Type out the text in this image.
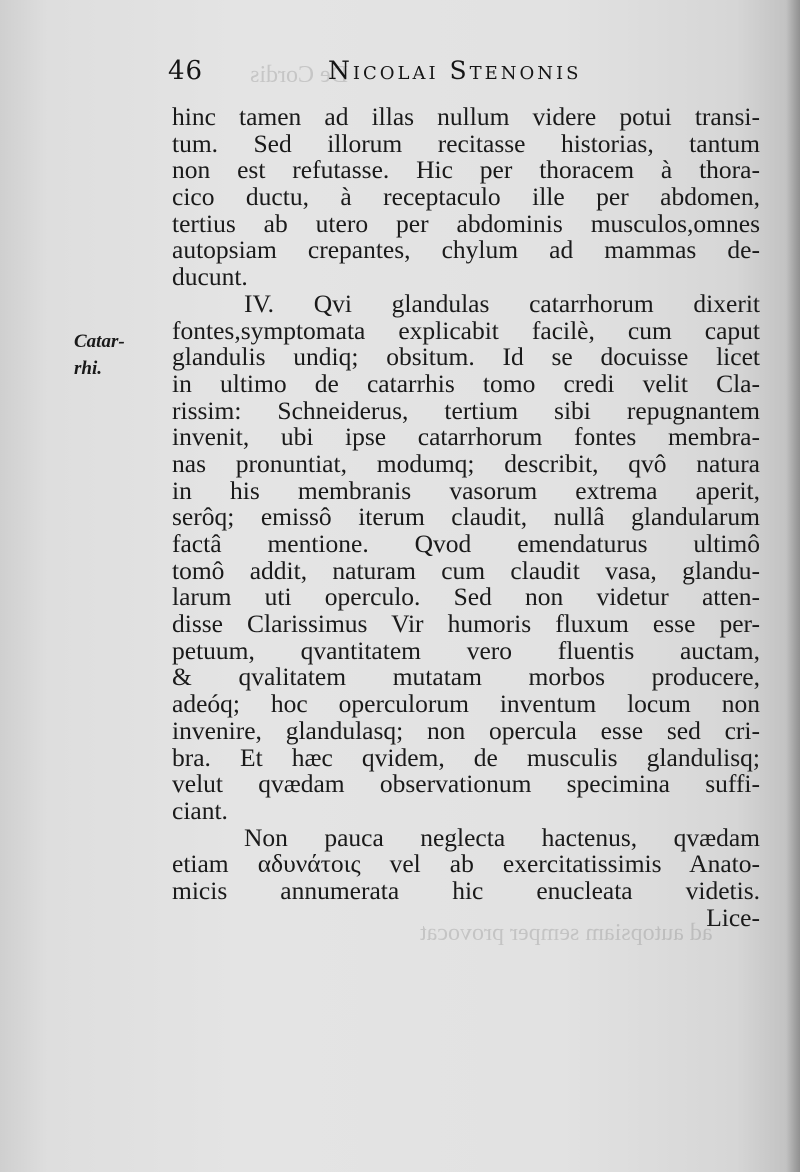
De Cordis
ad autopsiam semper provocat
46	Nicolai Stenonis
Catar-
rhi.
hinc tamen ad illas nullum videre potui transi-
tum. Sed illorum recitasse historias, tantum
non est refutasse. Hic per thoracem à thora-
cico ductu, à receptaculo ille per abdomen,
tertius ab utero per abdominis musculos,omnes
autopsiam crepantes, chylum ad mammas de-
ducunt.
IV. Qvi glandulas catarrhorum dixerit
fontes,symptomata explicabit facilè, cum caput
glandulis undiq; obsitum. Id se docuisse licet
in ultimo de catarrhis tomo credi velit Cla-
rissim: Schneiderus, tertium sibi repugnantem
invenit, ubi ipse catarrhorum fontes membra-
nas pronuntiat, modumq; describit, qvô natura
in his membranis vasorum extrema aperit,
serôq; emissô iterum claudit, nullâ glandularum
factâ mentione. Qvod emendaturus ultimô
tomô addit, naturam cum claudit vasa, glandu-
larum uti operculo. Sed non videtur atten-
disse Clarissimus Vir humoris fluxum esse per-
petuum, qvantitatem vero fluentis auctam,
& qvalitatem mutatam morbos producere,
adeóq; hoc operculorum inventum locum non
invenire, glandulasq; non opercula esse sed cri-
bra. Et hæc qvidem, de musculis glandulisq;
velut qvædam observationum specimina suffi-
ciant.
Non pauca neglecta hactenus, qvædam
etiam αδυνάτοις vel ab exercitatissimis Anato-
micis annumerata hic enucleata videtis.
Lice-
